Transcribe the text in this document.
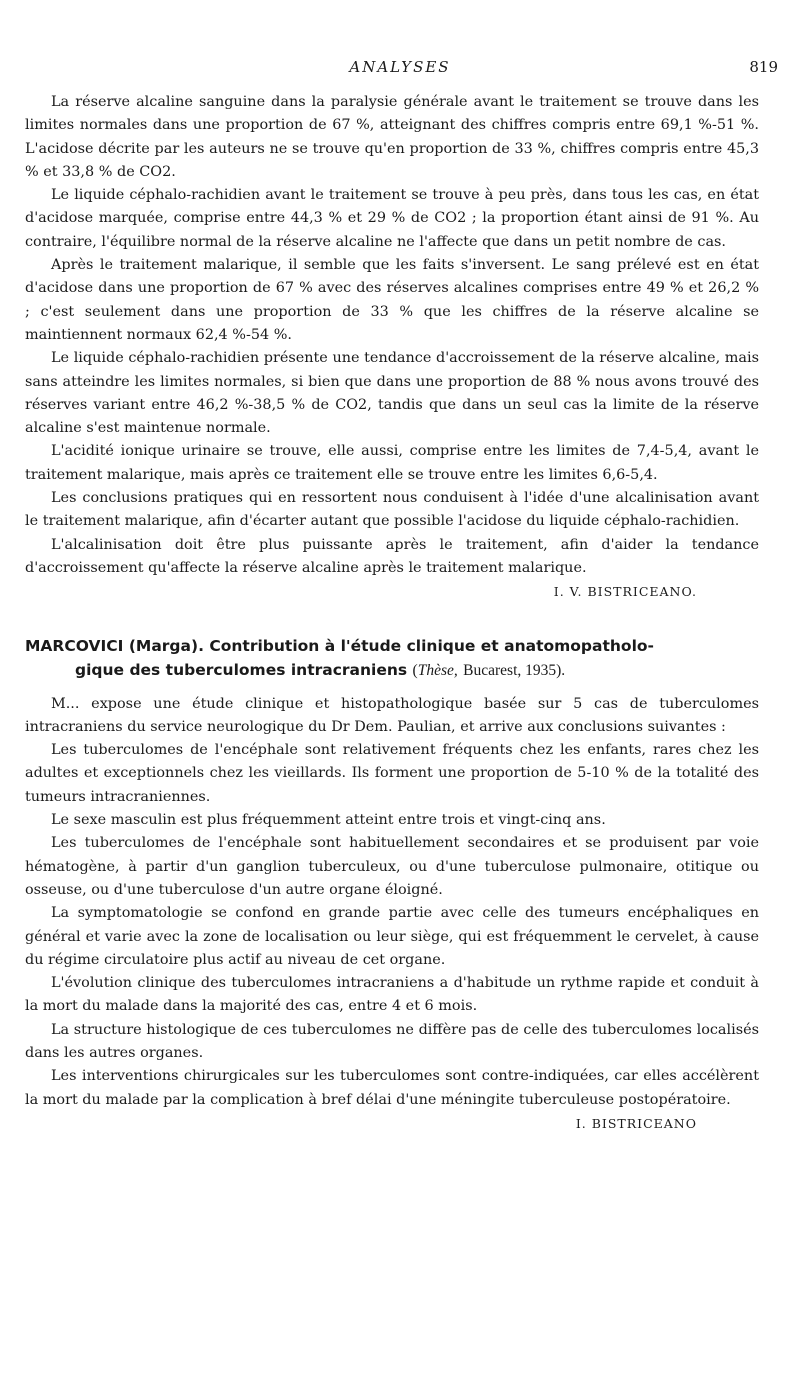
ANALYSES	819

La réserve alcaline sanguine dans la paralysie générale avant le traitement se trouve dans les limites normales dans une proportion de 67 %, atteignant des chiffres compris entre 69,1 %-51 %. L'acidose décrite par les auteurs ne se trouve qu'en proportion de 33 %, chiffres compris entre 45,3 % et 33,8 % de CO2.

Le liquide céphalo-rachidien avant le traitement se trouve à peu près, dans tous les cas, en état d'acidose marquée, comprise entre 44,3 % et 29 % de CO2 ; la proportion étant ainsi de 91 %. Au contraire, l'équilibre normal de la réserve alcaline ne l'affecte que dans un petit nombre de cas.

Après le traitement malarique, il semble que les faits s'inversent. Le sang prélevé est en état d'acidose dans une proportion de 67 % avec des réserves alcalines comprises entre 49 % et 26,2 % ; c'est seulement dans une proportion de 33 % que les chiffres de la réserve alcaline se maintiennent normaux 62,4 %-54 %.

Le liquide céphalo-rachidien présente une tendance d'accroissement de la réserve alcaline, mais sans atteindre les limites normales, si bien que dans une proportion de 88 % nous avons trouvé des réserves variant entre 46,2 %-38,5 % de CO2, tandis que dans un seul cas la limite de la réserve alcaline s'est maintenue normale.

L'acidité ionique urinaire se trouve, elle aussi, comprise entre les limites de 7,4-5,4, avant le traitement malarique, mais après ce traitement elle se trouve entre les limites 6,6-5,4.

Les conclusions pratiques qui en ressortent nous conduisent à l'idée d'une alcalinisation avant le traitement malarique, afin d'écarter autant que possible l'acidose du liquide céphalo-rachidien.

L'alcalinisation doit être plus puissante après le traitement, afin d'aider la tendance d'accroissement qu'affecte la réserve alcaline après le traitement malarique.

I. V. BISTRICEANO.

MARCOVICI (Marga). Contribution à l'étude clinique et anatomopatholo-
gique des tuberculomes intracraniens (Thèse, Bucarest, 1935).

M... expose une étude clinique et histopathologique basée sur 5 cas de tuberculomes intracraniens du service neurologique du Dr Dem. Paulian, et arrive aux conclusions suivantes :

Les tuberculomes de l'encéphale sont relativement fréquents chez les enfants, rares chez les adultes et exceptionnels chez les vieillards. Ils forment une proportion de 5-10 % de la totalité des tumeurs intracraniennes.

Le sexe masculin est plus fréquemment atteint entre trois et vingt-cinq ans.

Les tuberculomes de l'encéphale sont habituellement secondaires et se produisent par voie hématogène, à partir d'un ganglion tuberculeux, ou d'une tuberculose pulmonaire, otitique ou osseuse, ou d'une tuberculose d'un autre organe éloigné.

La symptomatologie se confond en grande partie avec celle des tumeurs encéphaliques en général et varie avec la zone de localisation ou leur siège, qui est fréquemment le cervelet, à cause du régime circulatoire plus actif au niveau de cet organe.

L'évolution clinique des tuberculomes intracraniens a d'habitude un rythme rapide et conduit à la mort du malade dans la majorité des cas, entre 4 et 6 mois.

La structure histologique de ces tuberculomes ne diffère pas de celle des tuberculomes localisés dans les autres organes.

Les interventions chirurgicales sur les tuberculomes sont contre-indiquées, car elles accélèrent la mort du malade par la complication à bref délai d'une méningite tuberculeuse postopératoire.

I. BISTRICEANO
